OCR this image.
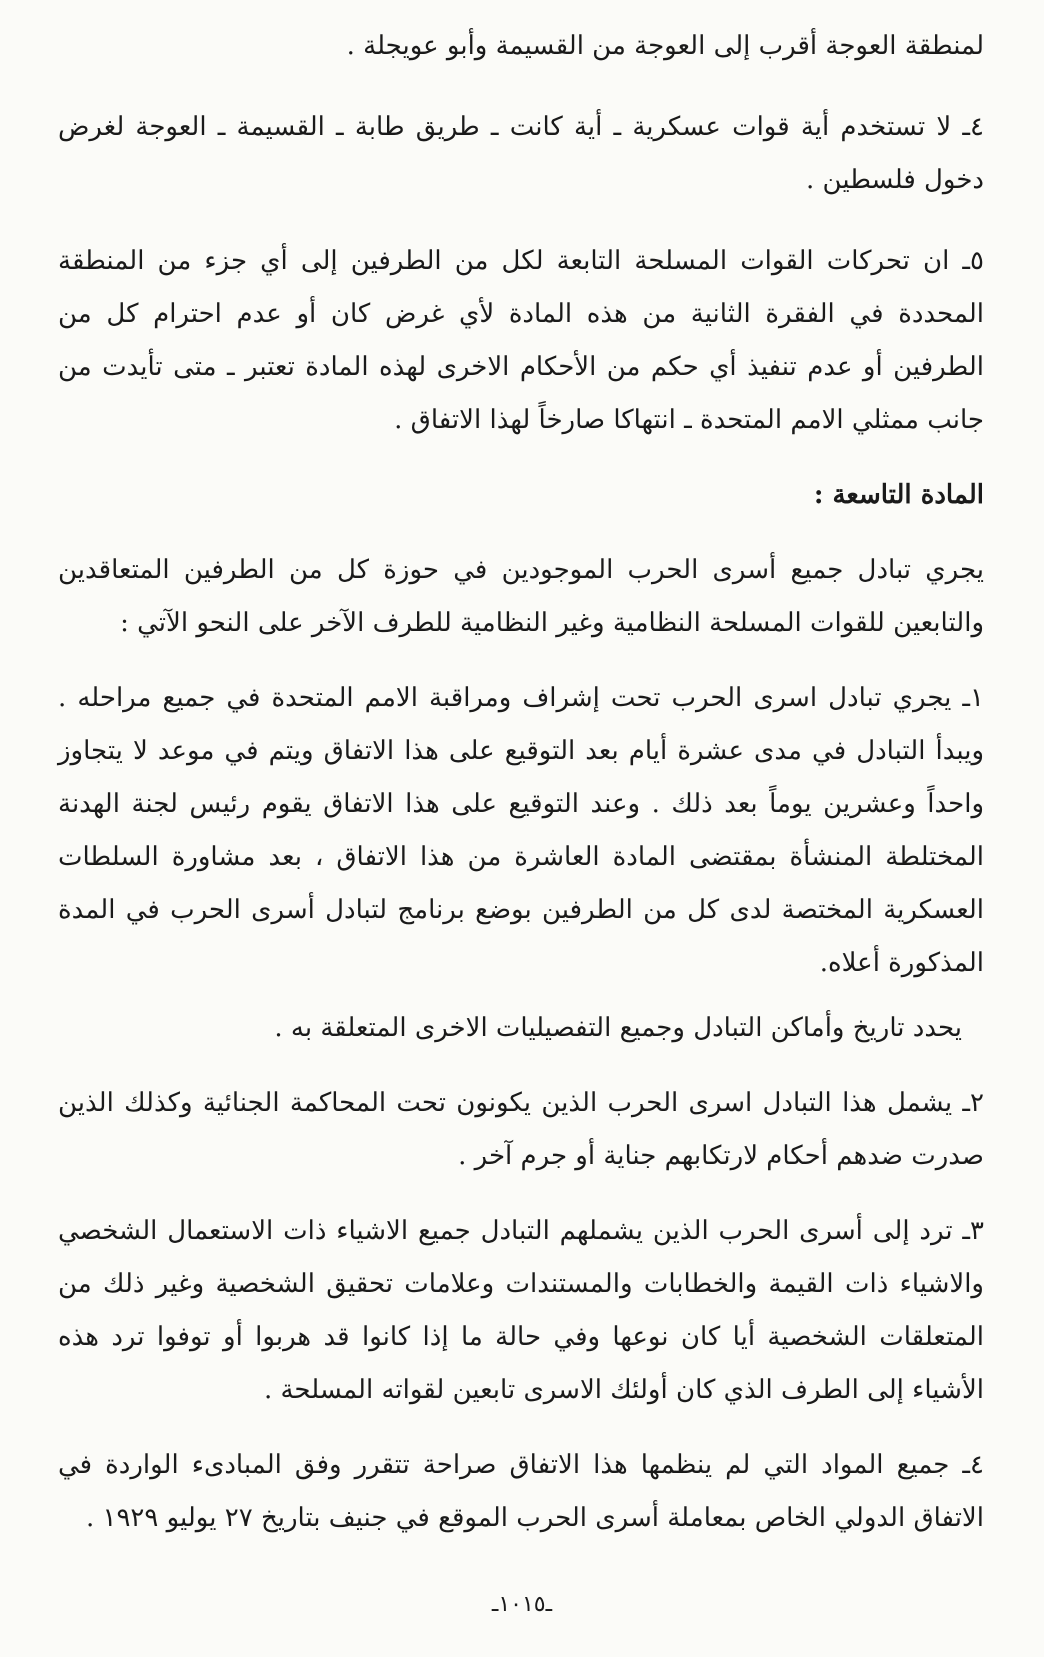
لمنطقة العوجة أقرب إلى العوجة من القسيمة وأبو عويجلة .

٤ـ لا تستخدم أية قوات عسكرية ـ أية كانت ـ طريق طابة ـ القسيمة ـ العوجة لغرض دخول فلسطين .

٥ـ ان تحركات القوات المسلحة التابعة لكل من الطرفين إلى أي جزء من المنطقة المحددة في الفقرة الثانية من هذه المادة لأي غرض كان أو عدم احترام كل من الطرفين أو عدم تنفيذ أي حكم من الأحكام الاخرى لهذه المادة تعتبر ـ متى تأيدت من جانب ممثلي الامم المتحدة ـ انتهاكا صارخاً لهذا الاتفاق .

المادة التاسعة :

يجري تبادل جميع أسرى الحرب الموجودين في حوزة كل من الطرفين المتعاقدين والتابعين للقوات المسلحة النظامية وغير النظامية للطرف الآخر على النحو الآتي :

١ـ يجري تبادل اسرى الحرب تحت إشراف ومراقبة الامم المتحدة في جميع مراحله . ويبدأ التبادل في مدى عشرة أيام بعد التوقيع على هذا الاتفاق ويتم في موعد لا يتجاوز واحداً وعشرين يوماً بعد ذلك . وعند التوقيع على هذا الاتفاق يقوم رئيس لجنة الهدنة المختلطة المنشأة بمقتضى المادة العاشرة من هذا الاتفاق ، بعد مشاورة السلطات العسكرية المختصة لدى كل من الطرفين بوضع برنامج لتبادل أسرى الحرب في المدة المذكورة أعلاه.

يحدد تاريخ وأماكن التبادل وجميع التفصيليات الاخرى المتعلقة به .

٢ـ يشمل هذا التبادل اسرى الحرب الذين يكونون تحت المحاكمة الجنائية وكذلك الذين صدرت ضدهم أحكام لارتكابهم جناية أو جرم آخر .

٣ـ ترد إلى أسرى الحرب الذين يشملهم التبادل جميع الاشياء ذات الاستعمال الشخصي والاشياء ذات القيمة والخطابات والمستندات وعلامات تحقيق الشخصية وغير ذلك من المتعلقات الشخصية أيا كان نوعها وفي حالة ما إذا كانوا قد هربوا أو توفوا ترد هذه الأشياء إلى الطرف الذي كان أولئك الاسرى تابعين لقواته المسلحة .

٤ـ جميع المواد التي لم ينظمها هذا الاتفاق صراحة تتقرر وفق المبادىء الواردة في الاتفاق الدولي الخاص بمعاملة أسرى الحرب الموقع في جنيف بتاريخ ٢٧ يوليو ١٩٢٩ .

ـ١٠١٥ـ
